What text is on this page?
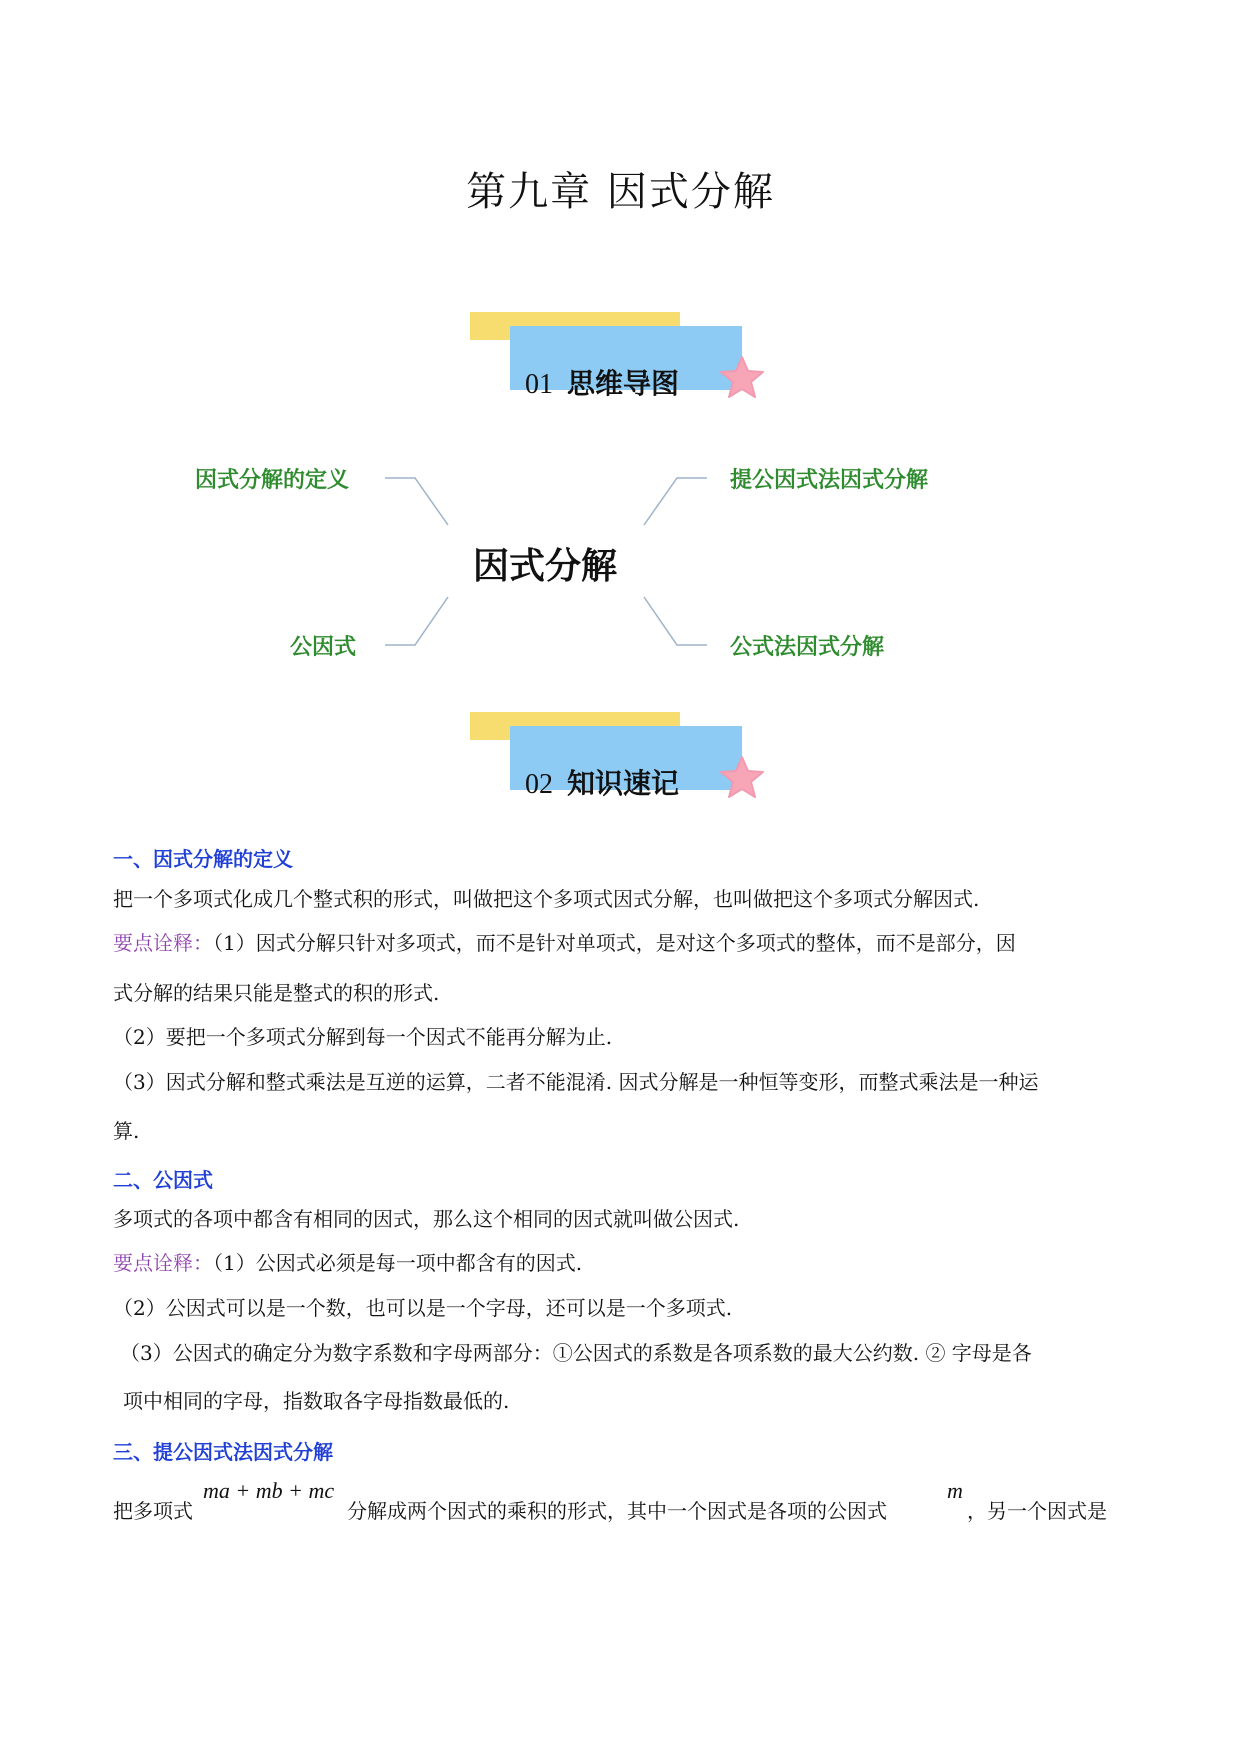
第九章 因式分解
01 思维导图
因式分解
因式分解的定义	提公因式法因式分解
公因式	公式法因式分解
02 知识速记
一、因式分解的定义
把一个多项式化成几个整式积的形式，叫做把这个多项式因式分解，也叫做把这个多项式分解因式.
要点诠释：（1）因式分解只针对多项式，而不是针对单项式，是对这个多项式的整体，而不是部分，因
式分解的结果只能是整式的积的形式.
（2）要把一个多项式分解到每一个因式不能再分解为止.
（3）因式分解和整式乘法是互逆的运算，二者不能混淆. 因式分解是一种恒等变形，而整式乘法是一种运
算.
二、公因式
多项式的各项中都含有相同的因式，那么这个相同的因式就叫做公因式.
要点诠释：（1）公因式必须是每一项中都含有的因式.
（2）公因式可以是一个数，也可以是一个字母，还可以是一个多项式.
（3）公因式的确定分为数字系数和字母两部分：①公因式的系数是各项系数的最大公约数. ② 字母是各
项中相同的字母，指数取各字母指数最低的.
三、提公因式法因式分解
把多项式
ma + mb + mc
分解成两个因式的乘积的形式，其中一个因式是各项的公因式
m
，另一个因式是
